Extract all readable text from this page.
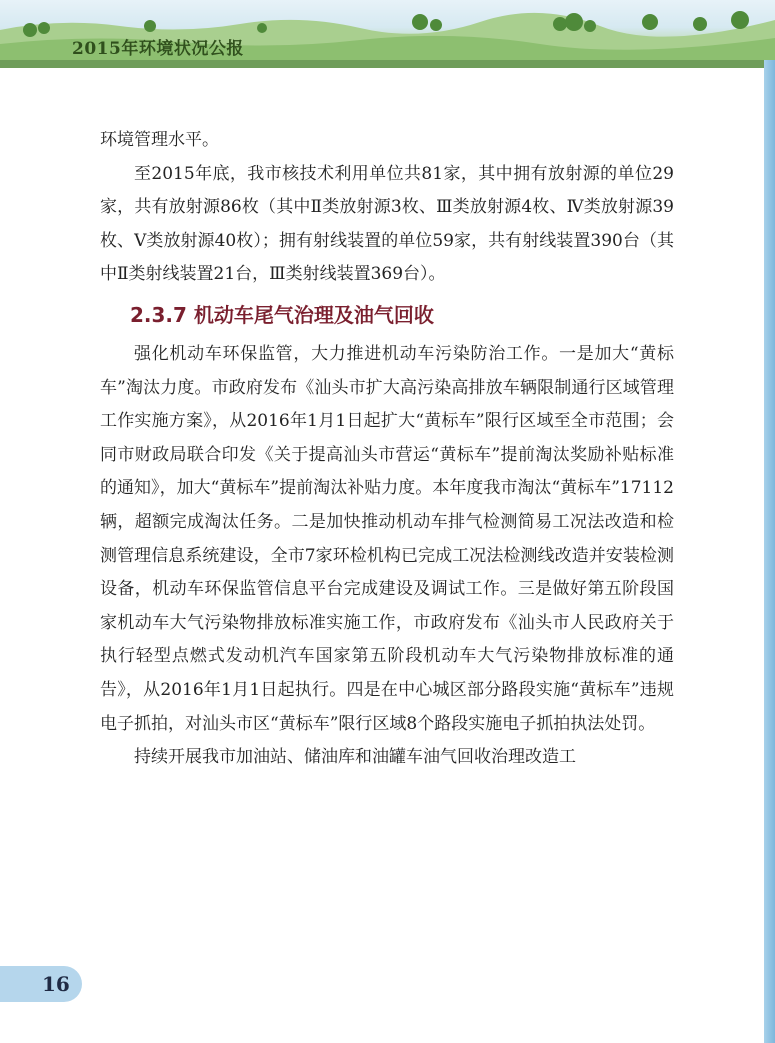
2015年环境状况公报

环境管理水平。

至2015年底，我市核技术利用单位共81家，其中拥有放射源的单位29家，共有放射源86枚（其中Ⅱ类放射源3枚、Ⅲ类放射源4枚、Ⅳ类放射源39枚、Ⅴ类放射源40枚）；拥有射线装置的单位59家，共有射线装置390台（其中Ⅱ类射线装置21台，Ⅲ类射线装置369台）。

2.3.7 机动车尾气治理及油气回收

强化机动车环保监管，大力推进机动车污染防治工作。一是加大“黄标车”淘汰力度。市政府发布《汕头市扩大高污染高排放车辆限制通行区域管理工作实施方案》，从2016年1月1日起扩大“黄标车”限行区域至全市范围；会同市财政局联合印发《关于提高汕头市营运“黄标车”提前淘汰奖励补贴标准的通知》，加大“黄标车”提前淘汰补贴力度。本年度我市淘汰“黄标车”17112辆，超额完成淘汰任务。二是加快推动机动车排气检测简易工况法改造和检测管理信息系统建设，全市7家环检机构已完成工况法检测线改造并安装检测设备，机动车环保监管信息平台完成建设及调试工作。三是做好第五阶段国家机动车大气污染物排放标准实施工作，市政府发布《汕头市人民政府关于执行轻型点燃式发动机汽车国家第五阶段机动车大气污染物排放标准的通告》，从2016年1月1日起执行。四是在中心城区部分路段实施“黄标车”违规电子抓拍，对汕头市区“黄标车”限行区域8个路段实施电子抓拍执法处罚。

持续开展我市加油站、储油库和油罐车油气回收治理改造工

16
